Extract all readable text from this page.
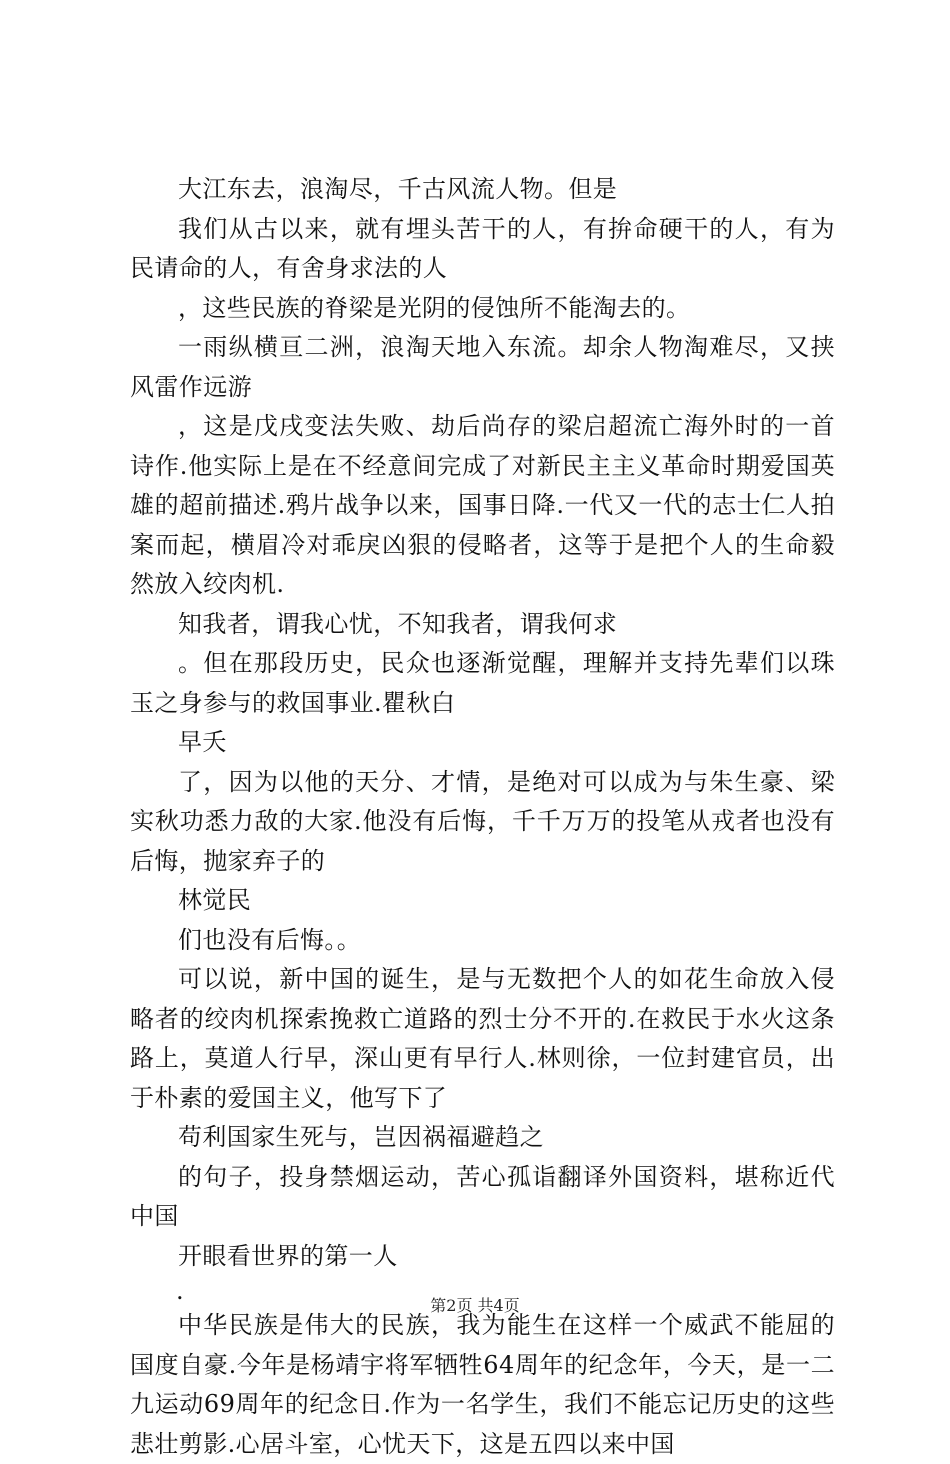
大江东去，浪淘尽，千古风流人物。但是

我们从古以来，就有埋头苦干的人，有拚命硬干的人，有为民请命的人，有舍身求法的人

，这些民族的脊梁是光阴的侵蚀所不能淘去的。

一雨纵横亘二洲，浪淘天地入东流。却余人物淘难尽，又挟风雷作远游

，这是戊戌变法失败、劫后尚存的梁启超流亡海外时的一首诗作.他实际上是在不经意间完成了对新民主主义革命时期爱国英雄的超前描述.鸦片战争以来，国事日降.一代又一代的志士仁人拍案而起，横眉冷对乖戾凶狠的侵略者，这等于是把个人的生命毅然放入绞肉机.

知我者，谓我心忧，不知我者，谓我何求

。但在那段历史，民众也逐渐觉醒，理解并支持先辈们以珠玉之身参与的救国事业.瞿秋白

早夭

了，因为以他的天分、才情，是绝对可以成为与朱生豪、梁实秋功悉力敌的大家.他没有后悔，千千万万的投笔从戎者也没有后悔，抛家弃子的

林觉民

们也没有后悔。。

可以说，新中国的诞生，是与无数把个人的如花生命放入侵略者的绞肉机探索挽救亡道路的烈士分不开的.在救民于水火这条路上，莫道人行早，深山更有早行人.林则徐，一位封建官员，出于朴素的爱国主义，他写下了

苟利国家生死与，岂因祸福避趋之

的句子，投身禁烟运动，苦心孤诣翻译外国资料，堪称近代中国

开眼看世界的第一人

.

中华民族是伟大的民族，我为能生在这样一个威武不能屈的国度自豪.今年是杨靖宇将军牺牲64周年的纪念年，今天，是一二九运动69周年的纪念日.作为一名学生，我们不能忘记历史的这些悲壮剪影.心居斗室，心忧天下，这是五四以来中国

第2页 共4页
